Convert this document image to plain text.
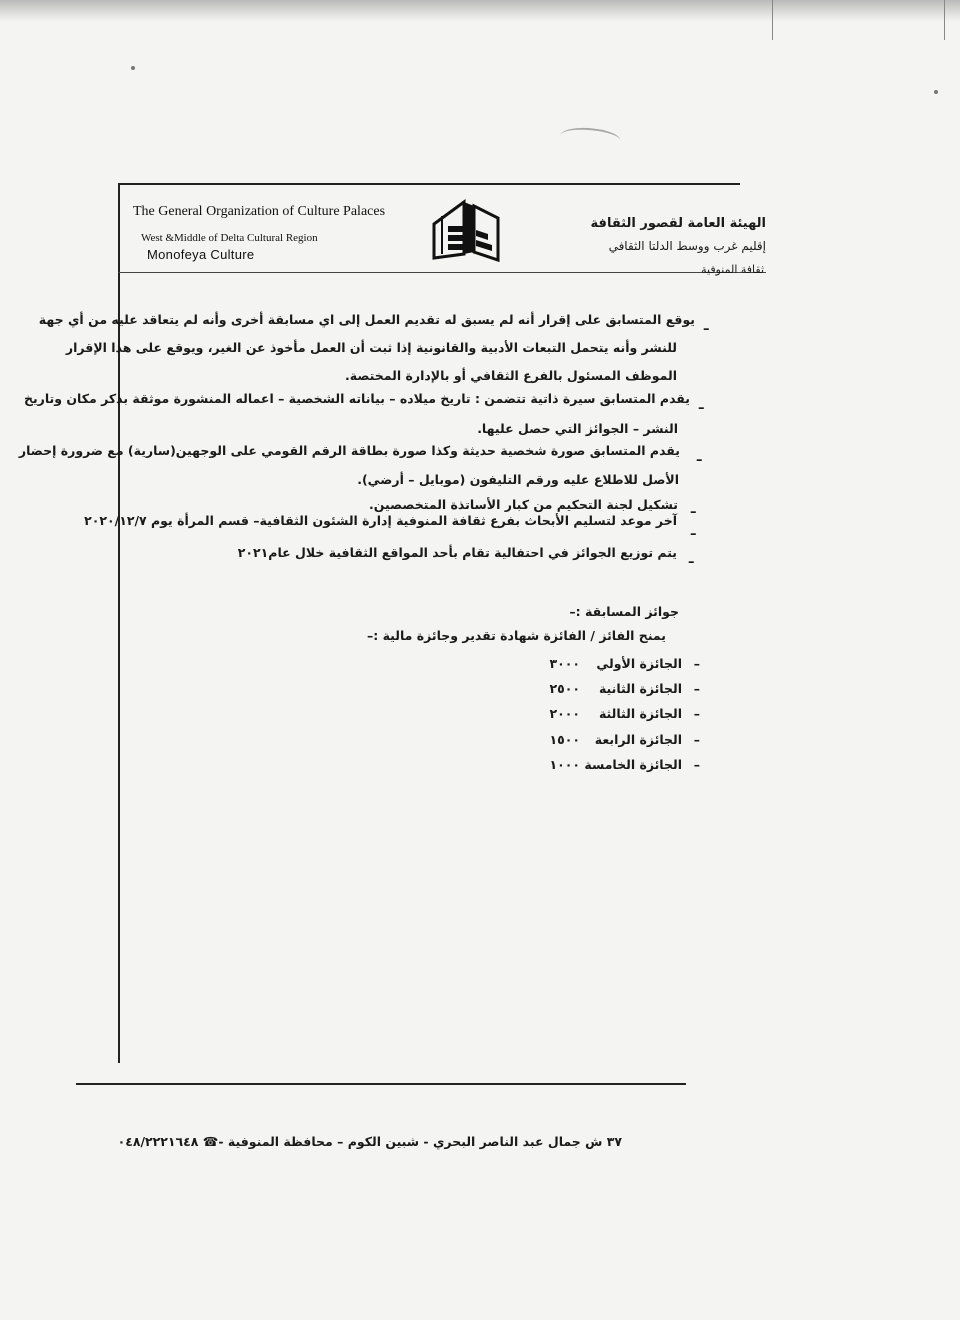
The General Organization of Culture Palaces
West &Middle of Delta Cultural Region
Monofeya Culture
الهيئة العامة لقصور الثقافة
إقليم غرب ووسط الدلتا الثقافي
ثقافة المنوفية
–
يوقع المتسابق على إقرار أنه لم يسبق له تقديم العمل إلى اي مسابقة أخرى وأنه لم يتعاقد عليه من أي جهة
للنشر وأنه يتحمل التبعات الأدبية والقانونية إذا ثبت أن العمل مأخوذ عن الغير، ويوقع على هذا الإقرار
الموظف المسئول بالفرع الثقافي أو بالإدارة المختصة.
–
يقدم المتسابق سيرة ذاتية تتضمن : تاريخ ميلاده – بياناته الشخصية – اعماله المنشورة موثقة بذكر مكان وتاريخ
النشر – الجوائز التي حصل عليها.
–
يقدم المتسابق صورة شخصية حديثة وكذا صورة بطاقة الرقم القومي على الوجهين(سارية) مع ضرورة إحضار
الأصل للاطلاع عليه ورقم التليفون (موبايل – أرضي).
–
تشكيل لجنة التحكيم من كبار الأساتذة المتخصصين.
–
آخر موعد لتسليم الأبحاث بفرع ثقافة المنوفية إدارة الشئون الثقافية– قسم المرأة يوم ٢٠٢٠/١٢/٧
–
يتم توزيع الجوائز في احتفالية تقام بأحد المواقع الثقافية خلال عام٢٠٢١
جوائز المسابقة :–
يمنح الفائز / الفائزة شهادة تقدير وجائزة مالية :–
–
الجائزة الأولي
٣٠٠٠
–
الجائزة الثانية
٢٥٠٠
–
الجائزة الثالثة
٢٠٠٠
–
الجائزة الرابعة
١٥٠٠
–
الجائزة الخامسة
١٠٠٠
٣٧ ش جمال عبد الناصر البحري - شبين الكوم – محافظة المنوفية -☎ ٠٤٨/٢٢٢١٦٤٨
